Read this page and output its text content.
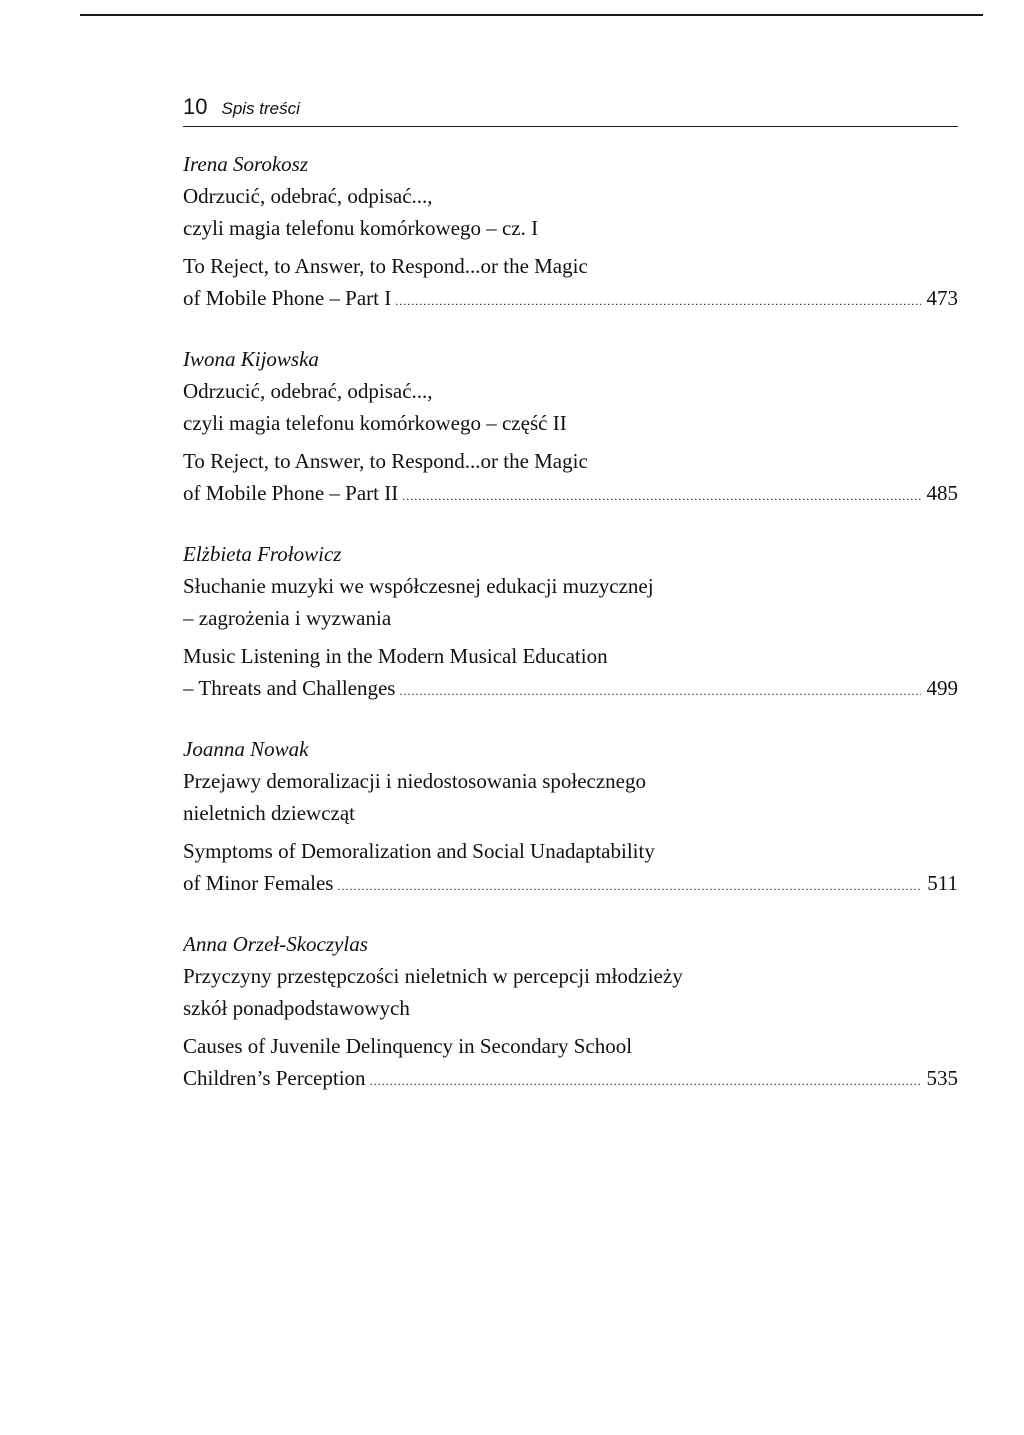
10 Spis treści
Irena Sorokosz
Odrzucić, odebrać, odpisać...,
czyli magia telefonu komórkowego – cz. I
To Reject, to Answer, to Respond...or the Magic
of Mobile Phone – Part I .....	473
Iwona Kijowska
Odrzucić, odebrać, odpisać...,
czyli magia telefonu komórkowego – część II
To Reject, to Answer, to Respond...or the Magic
of Mobile Phone – Part II .....	485
Elżbieta Frołowicz
Słuchanie muzyki we współczesnej edukacji muzycznej
– zagrożenia i wyzwania
Music Listening in the Modern Musical Education
– Threats and Challenges .....	499
Joanna Nowak
Przejawy demoralizacji i niedostosowania społecznego
nieletnich dziewcząt
Symptoms of Demoralization and Social Unadaptability
of Minor Females .....	511
Anna Orzeł-Skoczylas
Przyczyny przestępczości nieletnich w percepcji młodzieży
szkół ponadpodstawowych
Causes of Juvenile Delinquency in Secondary School
Children’s Perception .....	535
